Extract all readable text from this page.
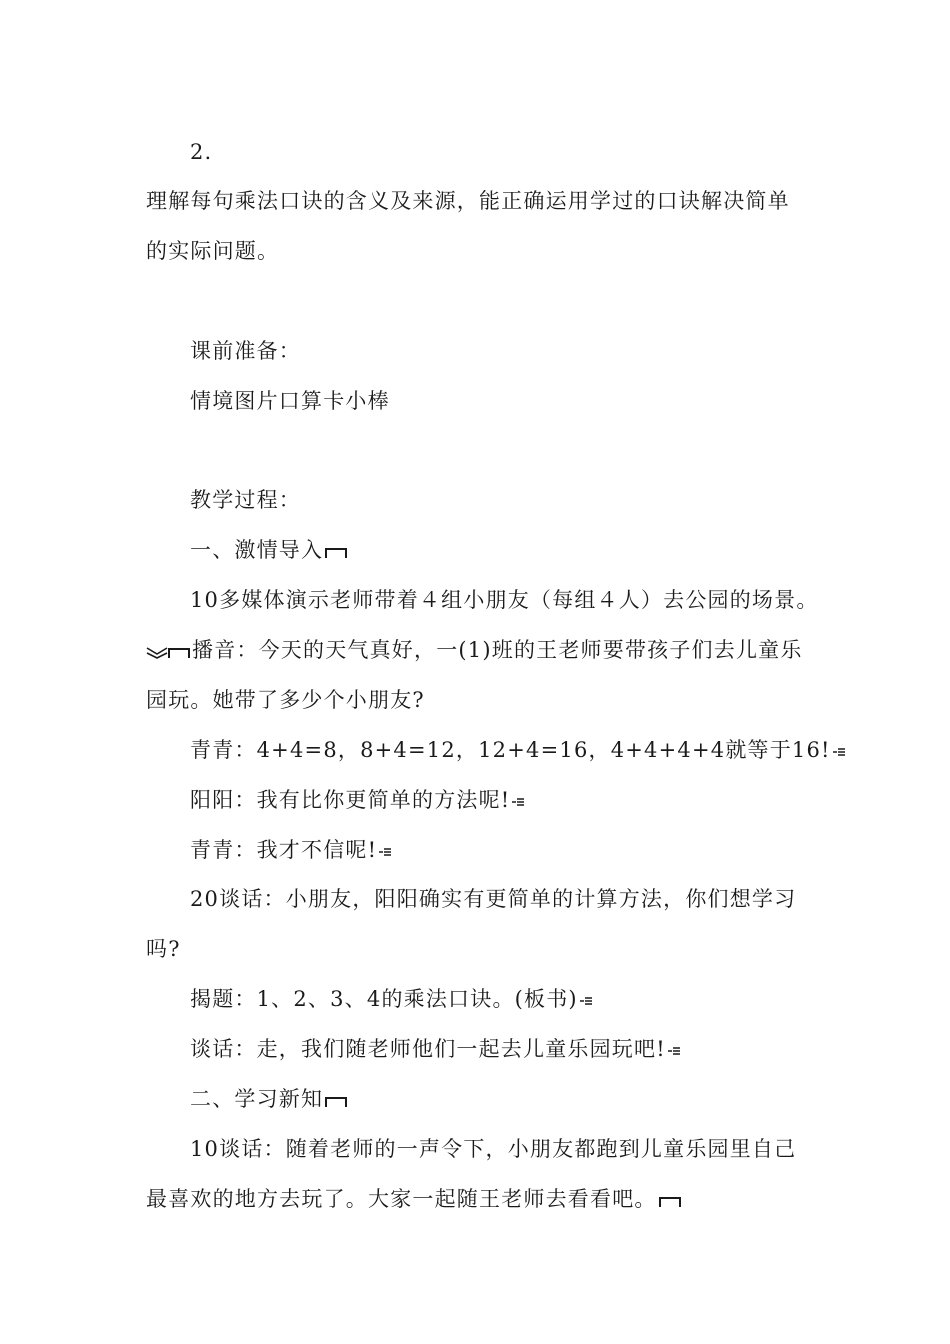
2.
理解每句乘法口诀的含义及来源，能正确运用学过的口诀解决简单
的实际问题。
课前准备：
情境图片口算卡小棒
教学过程：
一、激情导入
10多媒体演示老师带着４组小朋友（每组４人）去公园的场景。
播音：今天的天气真好，一(1)班的王老师要带孩子们去儿童乐
园玩。她带了多少个小朋友?
青青：4+4=8，8+4=12，12+4=16，4+4+4+4就等于16!
阳阳：我有比你更简单的方法呢!
青青：我才不信呢!
20谈话：小朋友，阳阳确实有更简单的计算方法，你们想学习
吗?
揭题：1、2、3、4的乘法口诀。(板书)
谈话：走，我们随老师他们一起去儿童乐园玩吧!
二、学习新知
10谈话：随着老师的一声令下，小朋友都跑到儿童乐园里自己
最喜欢的地方去玩了。大家一起随王老师去看看吧。
